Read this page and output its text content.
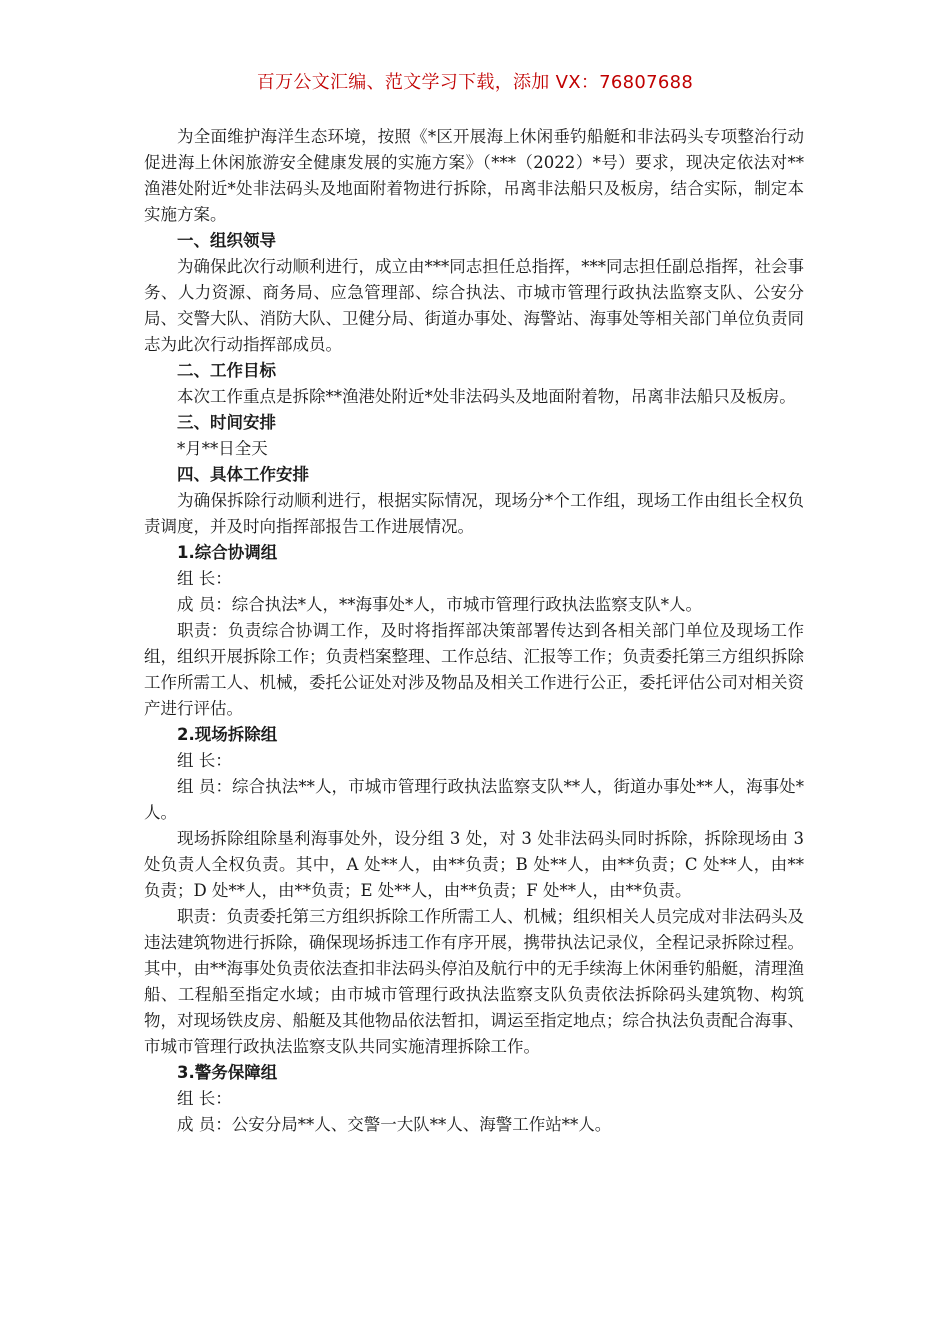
百万公文汇编、范文学习下载，添加 VX：76807688

为全面维护海洋生态环境，按照《*区开展海上休闲垂钓船艇和非法码头专项整治行动促进海上休闲旅游安全健康发展的实施方案》（***（2022）*号）要求，现决定依法对**渔港处附近*处非法码头及地面附着物进行拆除，吊离非法船只及板房，结合实际，制定本实施方案。

一、组织领导

为确保此次行动顺利进行，成立由***同志担任总指挥，***同志担任副总指挥，社会事务、人力资源、商务局、应急管理部、综合执法、市城市管理行政执法监察支队、公安分局、交警大队、消防大队、卫健分局、街道办事处、海警站、海事处等相关部门单位负责同志为此次行动指挥部成员。

二、工作目标

本次工作重点是拆除**渔港处附近*处非法码头及地面附着物，吊离非法船只及板房。

三、时间安排

*月**日全天

四、具体工作安排

为确保拆除行动顺利进行，根据实际情况，现场分*个工作组，现场工作由组长全权负责调度，并及时向指挥部报告工作进展情况。

1.综合协调组

组 长：

成 员：综合执法*人，**海事处*人，市城市管理行政执法监察支队*人。

职责：负责综合协调工作，及时将指挥部决策部署传达到各相关部门单位及现场工作组，组织开展拆除工作；负责档案整理、工作总结、汇报等工作；负责委托第三方组织拆除工作所需工人、机械，委托公证处对涉及物品及相关工作进行公正，委托评估公司对相关资产进行评估。

2.现场拆除组

组 长：

组 员：综合执法**人，市城市管理行政执法监察支队**人，街道办事处**人，海事处*人。

现场拆除组除垦利海事处外，设分组 3 处，对 3 处非法码头同时拆除，拆除现场由 3 处负责人全权负责。其中，A 处**人，由**负责；B 处**人，由**负责；C 处**人，由**负责；D 处**人，由**负责；E 处**人，由**负责；F 处**人，由**负责。

职责：负责委托第三方组织拆除工作所需工人、机械；组织相关人员完成对非法码头及违法建筑物进行拆除，确保现场拆违工作有序开展，携带执法记录仪，全程记录拆除过程。其中，由**海事处负责依法查扣非法码头停泊及航行中的无手续海上休闲垂钓船艇，清理渔船、工程船至指定水域；由市城市管理行政执法监察支队负责依法拆除码头建筑物、构筑物，对现场铁皮房、船艇及其他物品依法暂扣，调运至指定地点；综合执法负责配合海事、市城市管理行政执法监察支队共同实施清理拆除工作。

3.警务保障组

组 长：

成 员：公安分局**人、交警一大队**人、海警工作站**人。
